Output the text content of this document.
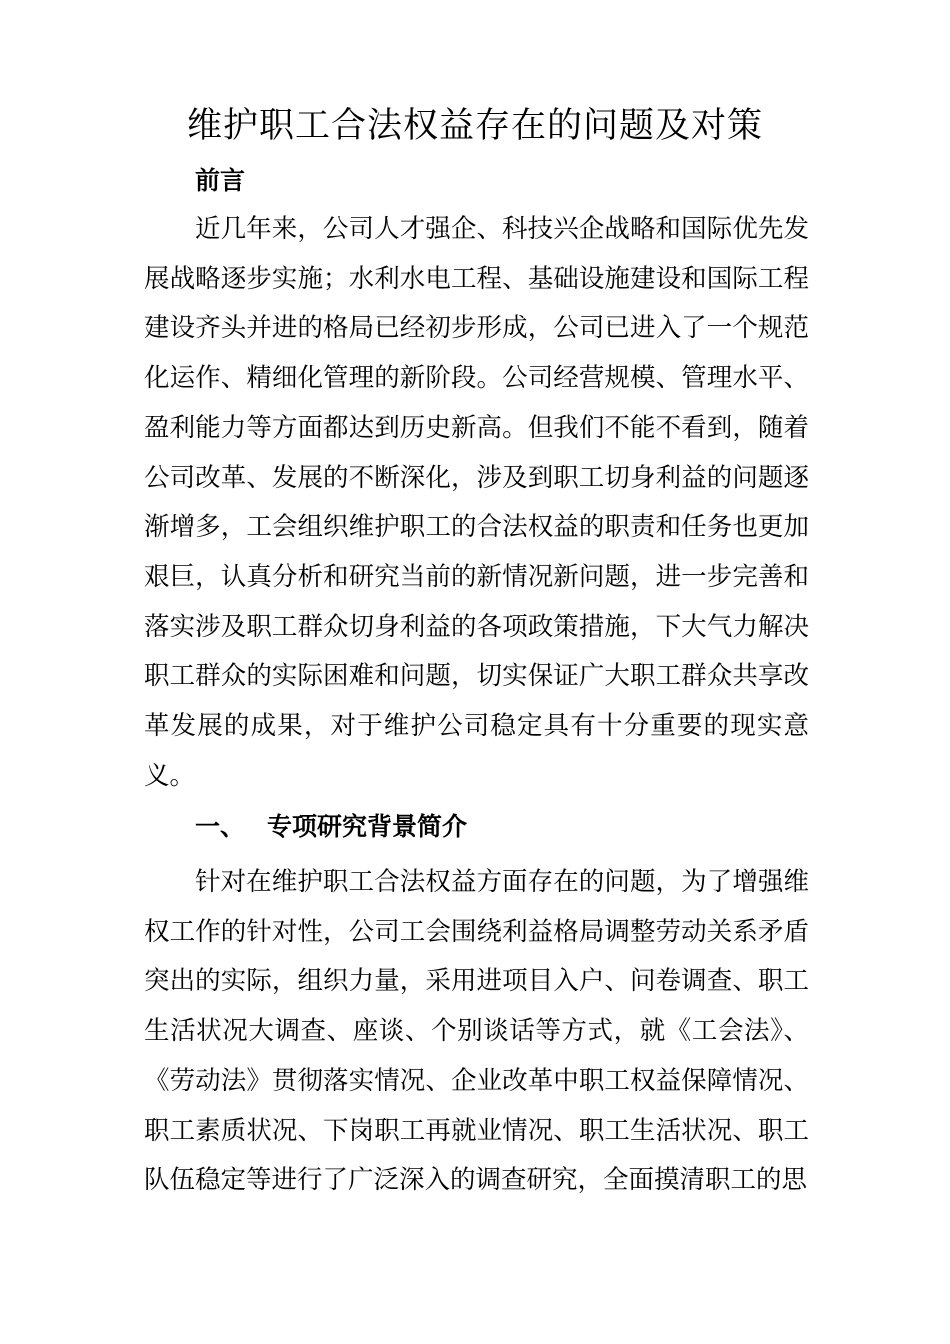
维护职工合法权益存在的问题及对策
前言

近几年来，公司人才强企、科技兴企战略和国际优先发展战略逐步实施；水利水电工程、基础设施建设和国际工程建设齐头并进的格局已经初步形成，公司已进入了一个规范化运作、精细化管理的新阶段。公司经营规模、管理水平、盈利能力等方面都达到历史新高。但我们不能不看到，随着公司改革、发展的不断深化，涉及到职工切身利益的问题逐渐增多，工会组织维护职工的合法权益的职责和任务也更加艰巨，认真分析和研究当前的新情况新问题，进一步完善和落实涉及职工群众切身利益的各项政策措施，下大气力解决职工群众的实际困难和问题，切实保证广大职工群众共享改革发展的成果，对于维护公司稳定具有十分重要的现实意义。

一、 专项研究背景简介

针对在维护职工合法权益方面存在的问题，为了增强维权工作的针对性，公司工会围绕利益格局调整劳动关系矛盾突出的实际，组织力量，采用进项目入户、问卷调查、职工生活状况大调查、座谈、个别谈话等方式，就《工会法》、《劳动法》贯彻落实情况、企业改革中职工权益保障情况、职工素质状况、下岗职工再就业情况、职工生活状况、职工队伍稳定等进行了广泛深入的调查研究，全面摸清职工的思
